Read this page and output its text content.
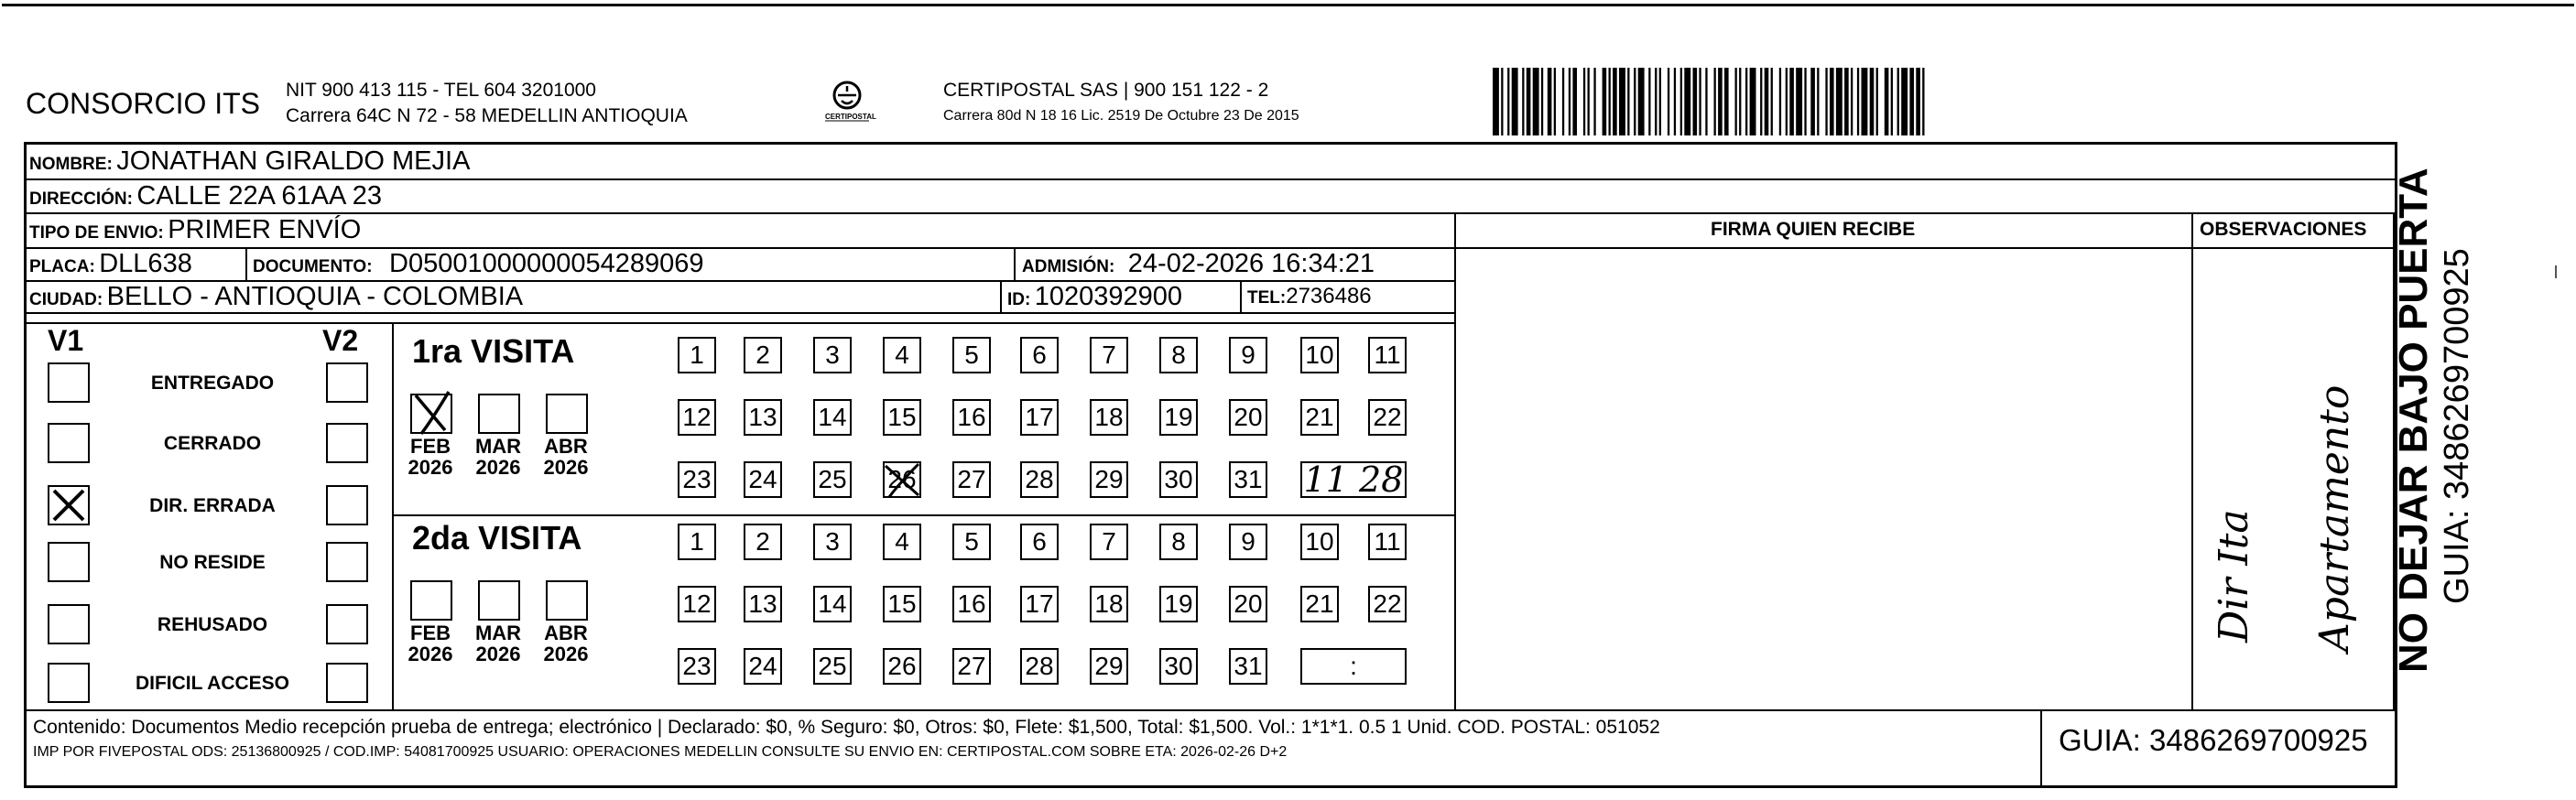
CONSORCIO ITS NIT 900 413 115 - TEL 604 3201000
Carrera 64C N 72 - 58 MEDELLIN ANTIOQUIA	CERTIPOSTAL
CERTIPOSTAL SAS | 900 151 122 - 2
Carrera 80d N 18 16 Lic. 2519 De Octubre 23 De 2015
NOMBRE: JONATHAN GIRALDO MEJIA
DIRECCIÓN: CALLE 22A 61AA 23
TIPO DE ENVIO: PRIMER ENVÍO
PLACA: DLL638	DOCUMENTO: D05001000000054289069	ADMISIÓN: 24-02-2026 16:34:21
CIUDAD: BELLO - ANTIOQUIA - COLOMBIA	ID: 1020392900	TEL:2736486
FIRMA QUIEN RECIBE	OBSERVACIONES
Dir Ita Apartamento
V1	V2
ENTREGADO
CERRADO
DIR. ERRADA
NO RESIDE
REHUSADO
DIFICIL ACCESO
1ra VISITA
FEB
2026
MAR
2026
ABR
2026
1 2 3 4 5 6 7 8 9 10 11
12 13 14 15 16 17 18 19 20 21 22
23 24 25 26 27 28 29 30 31 11 28
2da VISITA
FEB
2026
MAR
2026
ABR
2026
1 2 3 4 5 6 7 8 9 10 11
12 13 14 15 16 17 18 19 20 21 22
23 24 25 26 27 28 29 30 31	:	NO DEJAR BAJO PUERTA GUIA: 3486269700925
Contenido: Documentos Medio recepción prueba de entrega; electrónico | Declarado: $0, % Seguro: $0, Otros: $0, Flete: $1,500, Total: $1,500. Vol.: 1*1*1. 0.5 1 Unid. COD. POSTAL: 051052
IMP POR FIVEPOSTAL ODS: 25136800925 / COD.IMP: 54081700925 USUARIO: OPERACIONES MEDELLIN CONSULTE SU ENVIO EN: CERTIPOSTAL.COM SOBRE ETA: 2026-02-26 D+2	GUIA: 3486269700925
